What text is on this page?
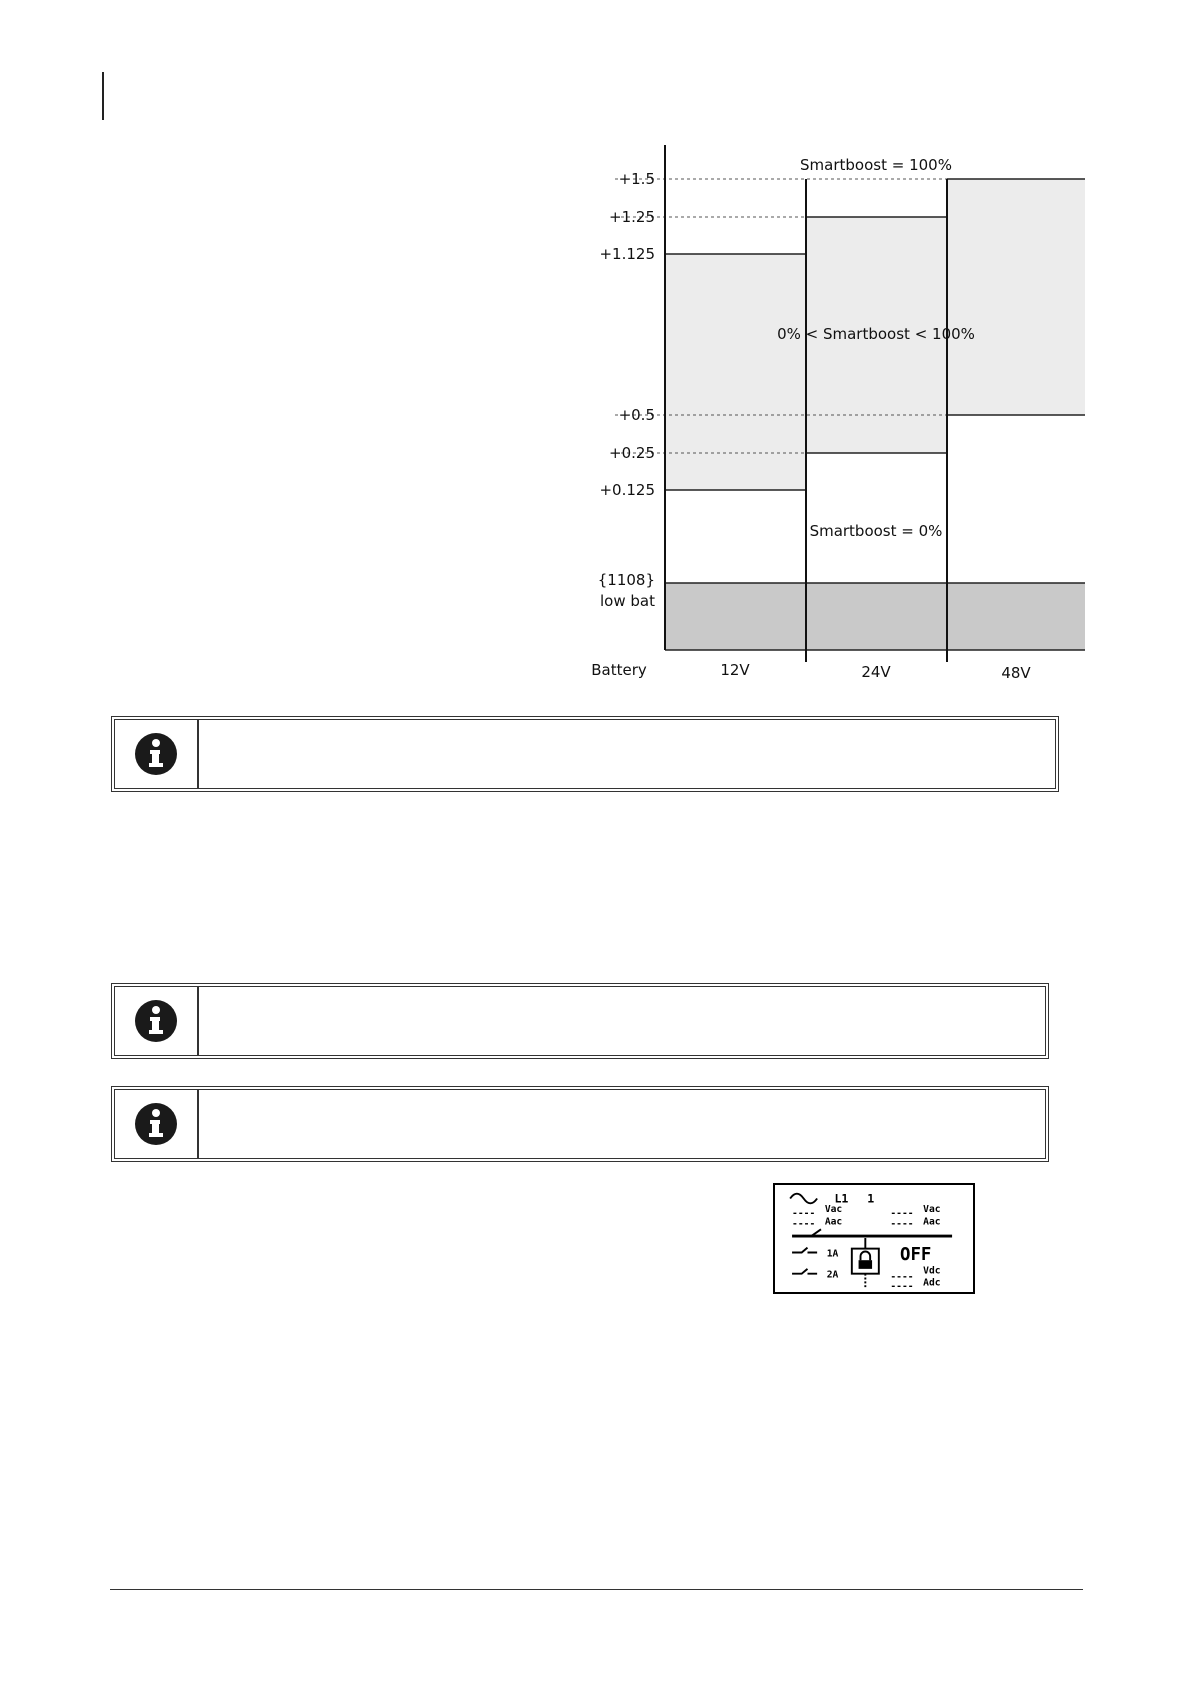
+1.5
+1.25
+1.125
+0.5
+0.25
+0.125
{1108}
low bat
Smartboost = 100%
0% < Smartboost < 100%
Smartboost = 0%
Battery	12V	24V	48V
L1 1
---- Vac
---- Aac
---- Vac
---- Aac
1A
2A
OFF
----
Vdc
---- Adc
